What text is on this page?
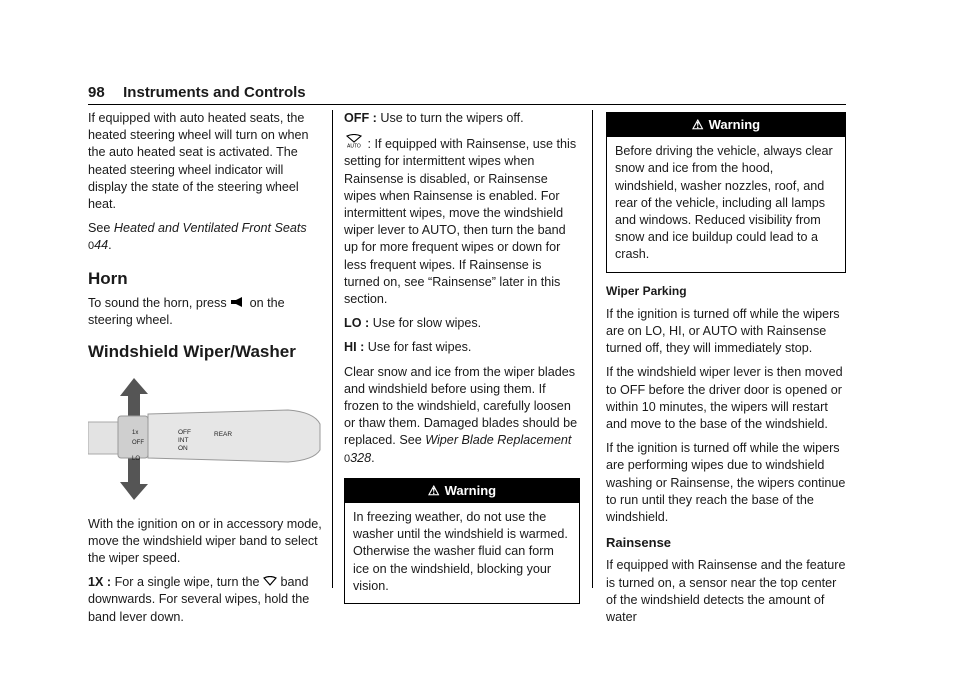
98 Instruments and Controls

If equipped with auto heated seats, the heated steering wheel will turn on when the auto heated seat is activated. The heated steering wheel indicator will display the state of the steering wheel heat.

See Heated and Ventilated Front Seats 044.

Horn

To sound the horn, press on the steering wheel.

Windshield Wiper/Washer
1x
OFF
LO
OFF
INT
ON
REAR

With the ignition on or in accessory mode, move the windshield wiper band to select the wiper speed.

1X : For a single wipe, turn the band downwards. For several wipes, hold the band lever down.

OFF : Use to turn the wipers off.

AUTO : If equipped with Rainsense, use this setting for intermittent wipes when Rainsense is disabled, or Rainsense wipes when Rainsense is enabled. For intermittent wipes, move the windshield wiper lever to AUTO, then turn the band up for more frequent wipes or down for less frequent wipes. If Rainsense is turned on, see “Rainsense” later in this section.

LO : Use for slow wipes.

HI : Use for fast wipes.

Clear snow and ice from the wiper blades and windshield before using them. If frozen to the windshield, carefully loosen or thaw them. Damaged blades should be replaced. See Wiper Blade Replacement 0328.

⚠ Warning
In freezing weather, do not use the washer until the windshield is warmed. Otherwise the washer fluid can form ice on the windshield, blocking your vision.
⚠ Warning
Before driving the vehicle, always clear snow and ice from the hood, windshield, washer nozzles, roof, and rear of the vehicle, including all lamps and windows. Reduced visibility from snow and ice buildup could lead to a crash.
Wiper Parking

If the ignition is turned off while the wipers are on LO, HI, or AUTO with Rainsense turned off, they will immediately stop.

If the windshield wiper lever is then moved to OFF before the driver door is opened or within 10 minutes, the wipers will restart and move to the base of the windshield.

If the ignition is turned off while the wipers are performing wipes due to windshield washing or Rainsense, the wipers continue to run until they reach the base of the windshield.

Rainsense

If equipped with Rainsense and the feature is turned on, a sensor near the top center of the windshield detects the amount of water
